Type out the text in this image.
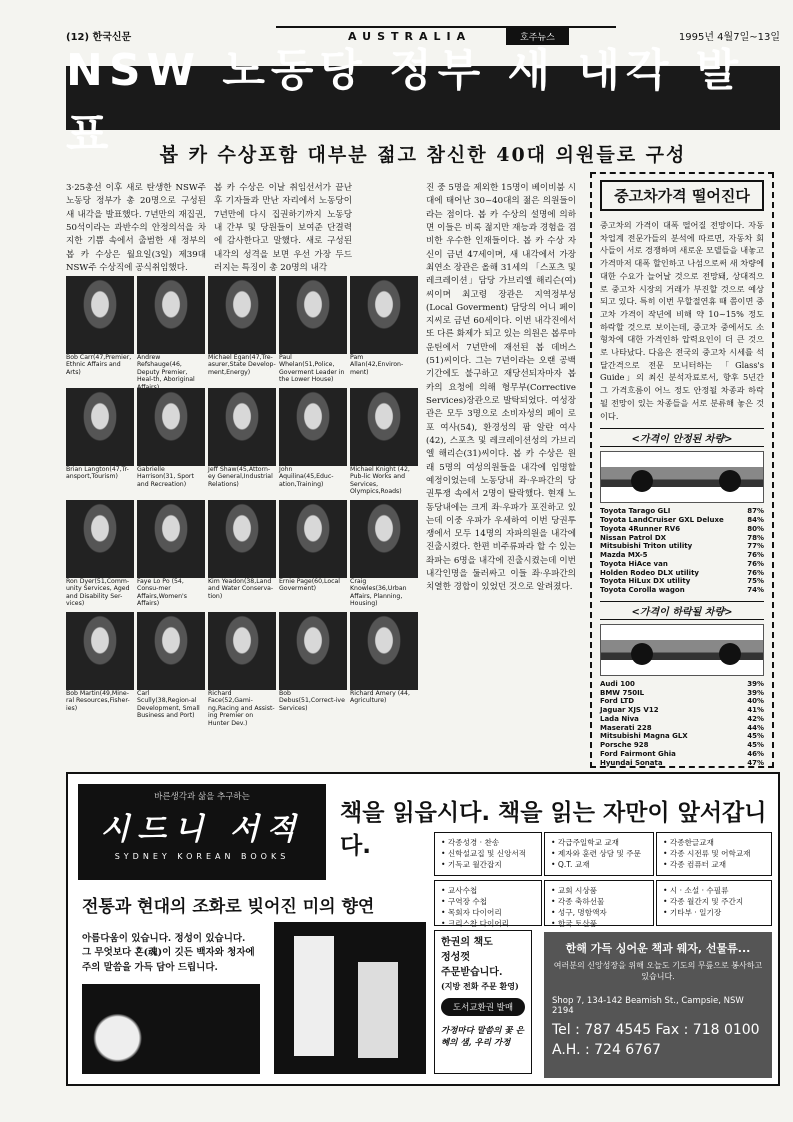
(12) 한국신문	AUSTRALIA	호주뉴스	1995년 4월7일~13일
NSW 노동당 정부 새 내각 발표	봅 카 수상포함 대부분 젊고 참신한 40대 의원들로 구성
3·25총선 이후 새로 탄생한 NSW주 노동당 정부가 총 20명으로 구성된 새 내각을 발표했다. 7년만의 재집권, 50석이라는 과반수의 안정의석을 차지한 기쁨 속에서 출범한 새 정부의 봅 카 수상은 월요일(3일) 제39대 NSW주 수상직에 공식취임했다.
봅 카 수상은 이날 취임선서가 끝난 후 기자들과 만난 자리에서 노동당이 7년만에 다시 집권하기까지 노동당내 간부 및 당원들이 보여준 단결력에 감사한다고 말했다. 새로 구성된 내각의 성격을 보면 우선 가장 두드러지는 특징이 총 20명의 내각
진 중 5명을 제외한 15명이 베이비붐 시대에 태어난 30~40대의 젊은 의원들이라는 점이다. 봅 카 수상의 설명에 의하면 이들은 비록 젊지만 재능과 경험을 겸비한 우수한 인재들이다. 봅 카 수상 자신이 금년 47세이며, 새 내각에서 가장 최연소 장관은 올해 31세의 「스포츠 및 레크레이션」담당 가브리엘 해리슨(여)씨이며 최고령 장관은 지역정부성 (Local Goverment) 담당의 어니 페이지씨로 금년 60세이다. 이번 내각진에서 또 다른 화제가 되고 있는 의원은 봅루마운틴에서 7년만에 재선된 봅 데버스(51)씨이다. 그는 7년이라는 오랜 공백기간에도 불구하고 재당선되자마자 봅 카의 요청에 의해 형무부(Corrective Services)장관으로 발탁되었다. 여성장관은 모두 3명으로 소비자성의 페이 로 포 여사(54), 환경성의 팜 알란 여사(42), 스포츠 및 레크레이션성의 가브리엘 해리슨(31)씨이다. 봅 카 수상은 원래 5명의 여성의원들을 내각에 임명할 예정이었는데 노동당내 좌·우파간의 당권투쟁 속에서 2명이 탈락했다. 현재 노동당내에는 크게 좌·우파가 포진하고 있는데 이중 우파가 우세하여 이번 당권투쟁에서 모두 14명의 자파의원을 내각에 진출시켰다. 한편 비주류파라 할 수 있는 좌파는 6명을 내각에 진출시켰는데 이번 내각인명을 둘러싸고 이들 좌·우파간의 치열한 경합이 있었던 것으로 알려졌다.
Bob Carr(47,Premier, Ethnic Affairs and Arts)
Andrew Refshauge(46, Deputy Premier, Heal-th, Aboriginal
Michael Egan(47,Tre-asurer,State Develop-ment,Energy)
Paul Whelan(51,Police, Goverment Leader in the Lower House)
Pam Allan(42,Environ-ment)
Brian Langton(47,Tr-ansport,Tourism)
Gabrielle Harrison(31, Sport and Recreation)
Jeff Shaw(45,Attorn-ey General,Industrial Relations)
John Aquilina(45,Educ-ation,Training)
Michael Knight (42, Pub-lic Works and Services, Olympics,Roads)
Ron Dyer(51,Comm-unity Services, Aged and Disability Ser-vices)
Faye Lo Po (54, Consu-mer Affairs,Women's Affairs)
Kim Yeadon(38,Land and Water Conserva-tion)
Ernie Page(60,Local Goverment)
Craig Knowles(36,Urban Affairs, Planning, Housing)
Bob Martin(49,Mine-ral Resources,Fisher-ies)
Carl Scully(38,Region-al Development, Small Business and Port)
Richard Face(52,Gami-ng,Racing and Assist-ing Premier on Hunter Dev.)
Bob Debus(51,Correct-ive Services)
Richard Amery (44, Agriculture)
중고차가격 떨어진다
중고차의 가격이 대폭 떨어질 전망이다. 자동차업계 전문가들의 분석에 따르면, 자동차 회사들이 서로 경쟁하며 새로운 모델들을 내놓고 가격마저 대폭 할인하고 나섬으로써 새 차량에 대한 수요가 늘어날 것으로 전망돼, 상대적으로 중고차 시장의 거래가 부진할 것으로 예상되고 있다. 특히 이번 무할절연휴 때 쯤이면 중고차 가격이 작년에 비해 약 10~15% 정도 하락할 것으로 보이는데, 중고차 중에서도 소형차에 대한 가격인하 압력요인이 더 큰 것으로 나타났다. 다음은 전국의 중고차 시세를 석달간격으로 전문 모니터하는 「Glass's Guide」의 최신 분석자료로서, 향후 5년간 그 가격흐름이 어느 정도 안정될 차종과 하락될 전망이 있는 차종들을 서로 분류해 놓은 것이다.
<가격이 안정된 차량>
Toyota Tarago GLI	87%
Toyota LandCruiser GXL Deluxe	84%
Toyota 4Runner RV6	80%
Nissan Patrol DX	78%
Mitsubishi Triton utility	77%
Mazda MX-5	76%
Toyota HiAce van	76%
Holden Rodeo DLX utility	76%
Toyota HiLux DX utility	75%
Toyota Corolla wagon	74%
<가격이 하락될 차량>
Audi 100	39%
BMW 750IL	39%
Ford LTD	40%
Jaguar XJS V12	41%
Lada Niva	42%
Maserati 228	44%
Mitsubishi Magna GLX	45%
Porsche 928	45%
Ford Fairmont Ghia	46%
Hyundai Sonata	47%
바른생각과 삶을 추구하는
시드니 서적
SYDNEY KOREAN BOOKS
책을 읽읍시다. 책을 읽는 자만이 앞서갑니다.
•	각종성경 · 찬송
• 신학설교집 및 신앙서적
• 기독교 월간잡지
• 각급주일학교 교재
• 제자와 훈련 상담 및 주문
• Q.T. 교재
• 각종한글교재
• 각종 시전류 및 어학교재
• 각종 컴퓨터 교재
• 교사수첩
• 구역장 수첩
• 목회자 다이어리
• 크리스찬 다이어리
• 교회 시상품
• 각종 축하선물
• 성구, 명함액자
• 한국 토산품
• 시 · 소설 · 수필류
• 각종 월간지 및 주간지
• 기타부 · 일기장
전통과 현대의 조화로 빚어진 미의 향연
아름다움이 있습니다. 정성이 있습니다.
그 무엇보다 혼(魂)이 깃든 백자와 청자에
주의 말씀을 가득 담아 드립니다.
한권의 책도
정성껏
주문받습니다.
(지방 전화 주문 환영)
도서교환권 발매
가정마다 말씀의 꽃 은혜의 샘, 우리 가정
한해 가득 싱어운 책과 웨자, 선물류...
여러분의 신앙성장을 위해 오늘도 기도의 무릎으로 봉사하고 있습니다.
Shop 7, 134-142 Beamish St., Campsie, NSW 2194
Tel : 787 4545 Fax : 718 0100
A.H. : 724 6767
